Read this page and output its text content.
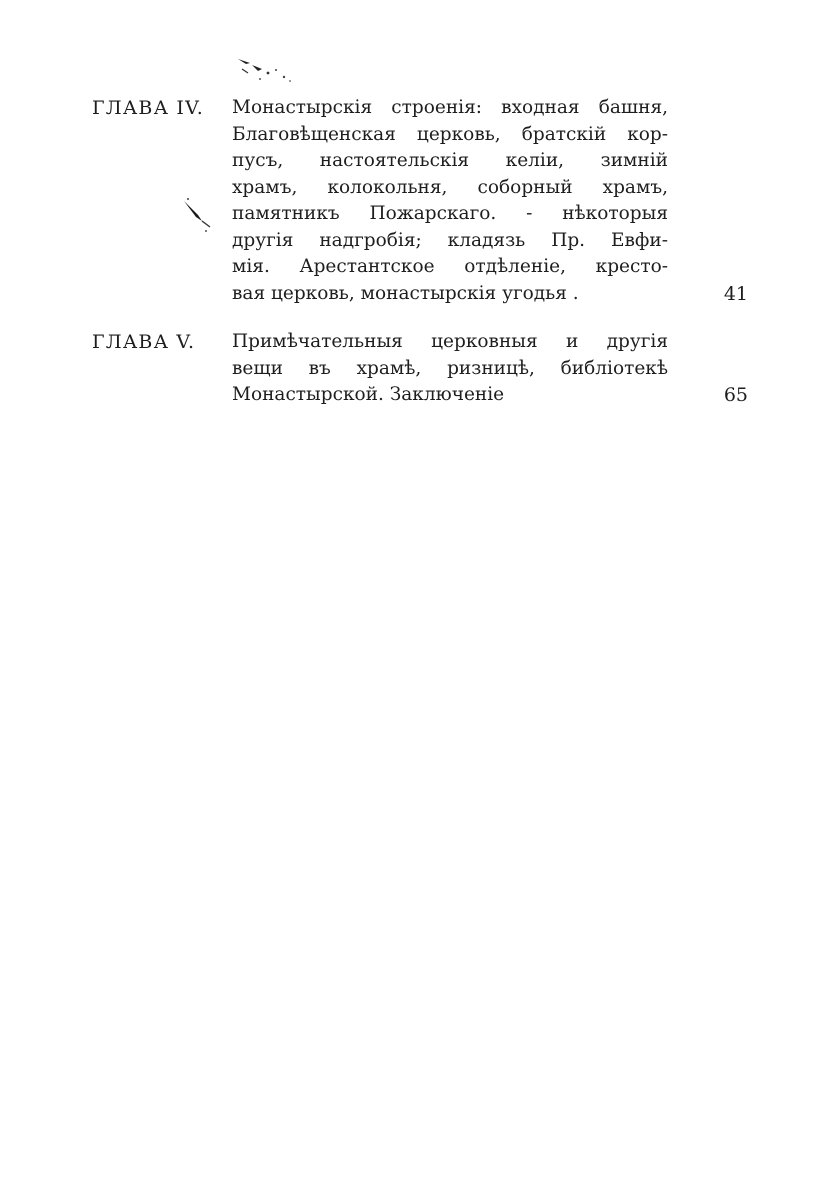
ГЛАВА IV. Монастырскія строенія: входная башня,
Благовѣщенская церковь, братскій кор-
пусъ, настоятельскія келіи, зимній
храмъ, колокольня, соборный храмъ,
памятникъ Пожарскаго. - нѣкоторыя
другія надгробія; кладязь Пр. Евфи-
мія. Арестантское отдѣленіе, кресто-
вая церковь, монастырскія угодья .	41
ГЛАВА V. Примѣчательныя церковныя и другія
вещи въ храмѣ, ризницѣ, библіотекѣ
Монастырской. Заключеніе	65
